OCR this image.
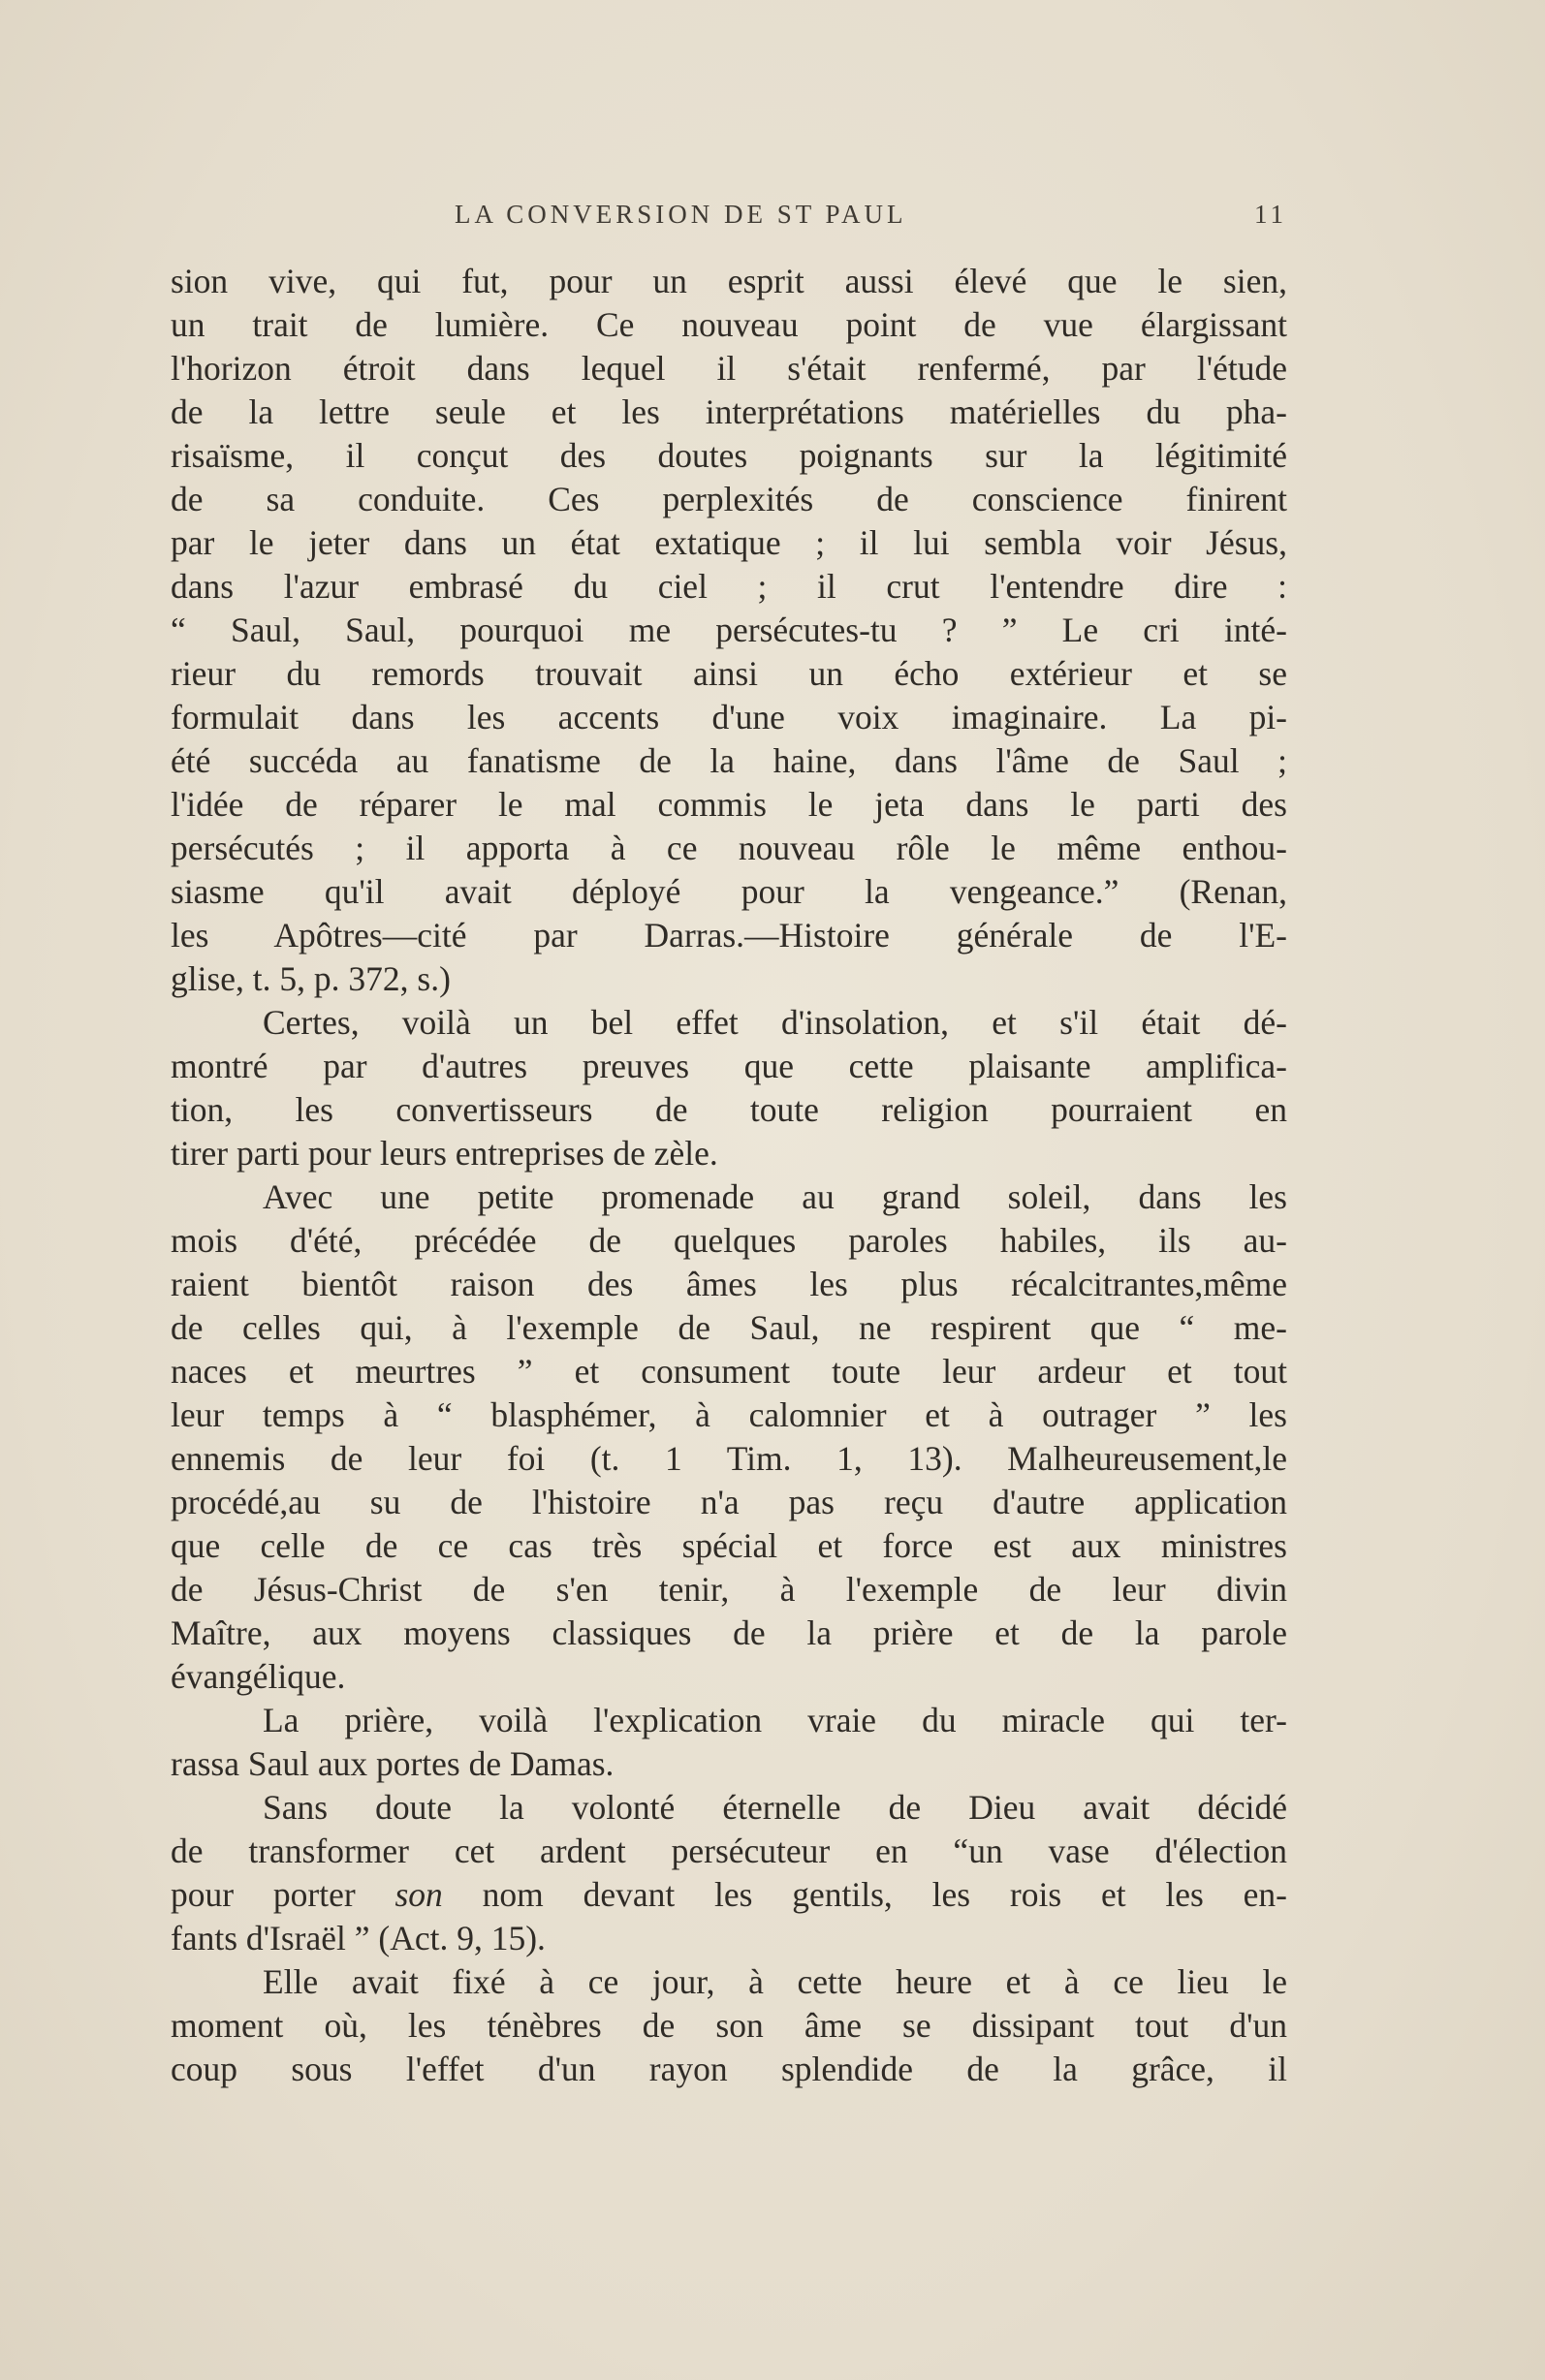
LA CONVERSION DE ST PAUL	11

sion vive, qui fut, pour un esprit aussi élevé que le sien,
un trait de lumière. Ce nouveau point de vue élargissant
l'horizon étroit dans lequel il s'était renfermé, par l'étude
de la lettre seule et les interprétations matérielles du pha-
risaïsme, il conçut des doutes poignants sur la légitimité
de sa conduite. Ces perplexités de conscience finirent
par le jeter dans un état extatique ; il lui sembla voir Jésus,
dans l'azur embrasé du ciel ; il crut l'entendre dire :
“ Saul, Saul, pourquoi me persécutes-tu ? ” Le cri inté-
rieur du remords trouvait ainsi un écho extérieur et se
formulait dans les accents d'une voix imaginaire. La pi-
été succéda au fanatisme de la haine, dans l'âme de Saul ;
l'idée de réparer le mal commis le jeta dans le parti des
persécutés ; il apporta à ce nouveau rôle le même enthou-
siasme qu'il avait déployé pour la vengeance.” (Renan,
les Apôtres—cité par Darras.—Histoire générale de l'E-
glise, t. 5, p. 372, s.)

Certes, voilà un bel effet d'insolation, et s'il était dé-
montré par d'autres preuves que cette plaisante amplifica-
tion, les convertisseurs de toute religion pourraient en
tirer parti pour leurs entreprises de zèle.

Avec une petite promenade au grand soleil, dans les
mois d'été, précédée de quelques paroles habiles, ils au-
raient bientôt raison des âmes les plus récalcitrantes,même
de celles qui, à l'exemple de Saul, ne respirent que “ me-
naces et meurtres ” et consument toute leur ardeur et tout
leur temps à “ blasphémer, à calomnier et à outrager ” les
ennemis de leur foi (t. 1 Tim. 1, 13). Malheureusement,le
procédé,au su de l'histoire n'a pas reçu d'autre application
que celle de ce cas très spécial et force est aux ministres
de Jésus-Christ de s'en tenir, à l'exemple de leur divin
Maître, aux moyens classiques de la prière et de la parole
évangélique.

La prière, voilà l'explication vraie du miracle qui ter-
rassa Saul aux portes de Damas.

Sans doute la volonté éternelle de Dieu avait décidé
de transformer cet ardent persécuteur en “un vase d'élection
pour porter son nom devant les gentils, les rois et les en-
fants d'Israël ” (Act. 9, 15).

Elle avait fixé à ce jour, à cette heure et à ce lieu le
moment où, les ténèbres de son âme se dissipant tout d'un
coup sous l'effet d'un rayon splendide de la grâce, il
